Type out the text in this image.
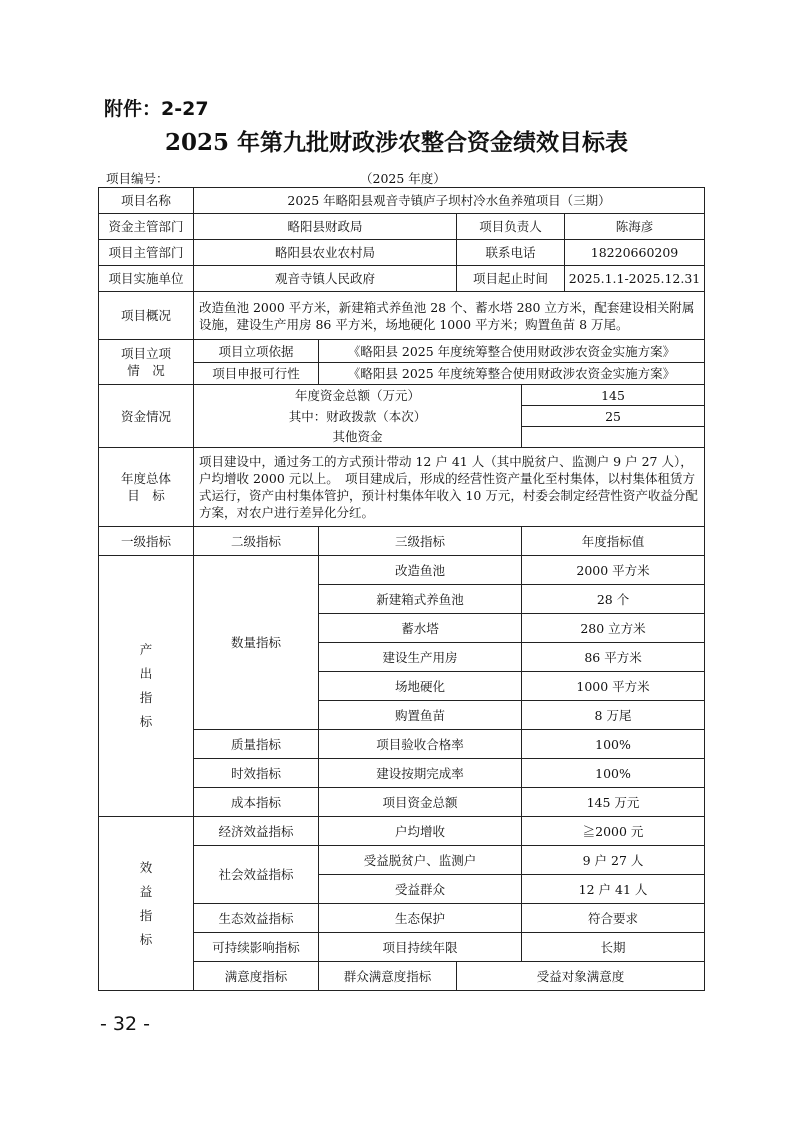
附件：2-27
2025 年第九批财政涉农整合资金绩效目标表
项目编号：	（2025 年度）
项目名称	2025 年略阳县观音寺镇庐子坝村冷水鱼养殖项目（三期）				
资金主管部门	略阳县财政局		项目负责人 陈海彦		

项目主管部门	略阳县农业农村局		联系电话 18220660209		

项目实施单位	观音寺镇人民政府		项目起止时间 2025.1.1-2025.12.31		

项目概况	改造鱼池 2000 平方米，新建箱式养鱼池 28 个、蓄水塔 280 立方米，配套建设相关附属设施，建设生产用房 86 平方米，场地硬化 1000 平方米；购置鱼苗 8 万尾。				

项目立项
情　况	项目立项依据	《略阳县 2025 年度统筹整合使用财政涉农资金实施方案》			
	项目申报可行性	《略阳县 2025 年度统筹整合使用财政涉农资金实施方案》			
资金情况	年度资金总额（万元）			145	
	其中：财政拨款（本次）			25	
	其他资金				

年度总体
目　标	项目建设中，通过务工的方式预计带动 12 户 41 人（其中脱贫户、监测户 9 户 27 人），户均增收 2000 元以上。　项目建成后，形成的经营性资产量化至村集体，以村集体租赁方式运行，资产由村集体管护，预计村集体年收入 10 万元，村委会制定经营性资产收益分配方案，对农户进行差异化分红。				
一级指标	二级指标	三级指标		年度指标值	

产
出
指
标	数量指标	改造鱼池		2000 平方米	
		新建箱式养鱼池		28 个	
		蓄水塔		280 立方米	
		建设生产用房		86 平方米	
		场地硬化		1000 平方米	
		购置鱼苗		8 万尾	
	质量指标	项目验收合格率		100%	
	时效指标	建设按期完成率		100%	
	成本指标	项目资金总额		145 万元	

效
益
指
标	经济效益指标	户均增收		≧2000 元	
	社会效益指标	受益脱贫户、监测户		9 户 27 人	
		受益群众		12 户 41 人	
	生态效益指标	生态保护		符合要求	
	可持续影响指标	项目持续年限		长期	
	满意度指标	群众满意度指标	受益对象满意度	
- 32 -
